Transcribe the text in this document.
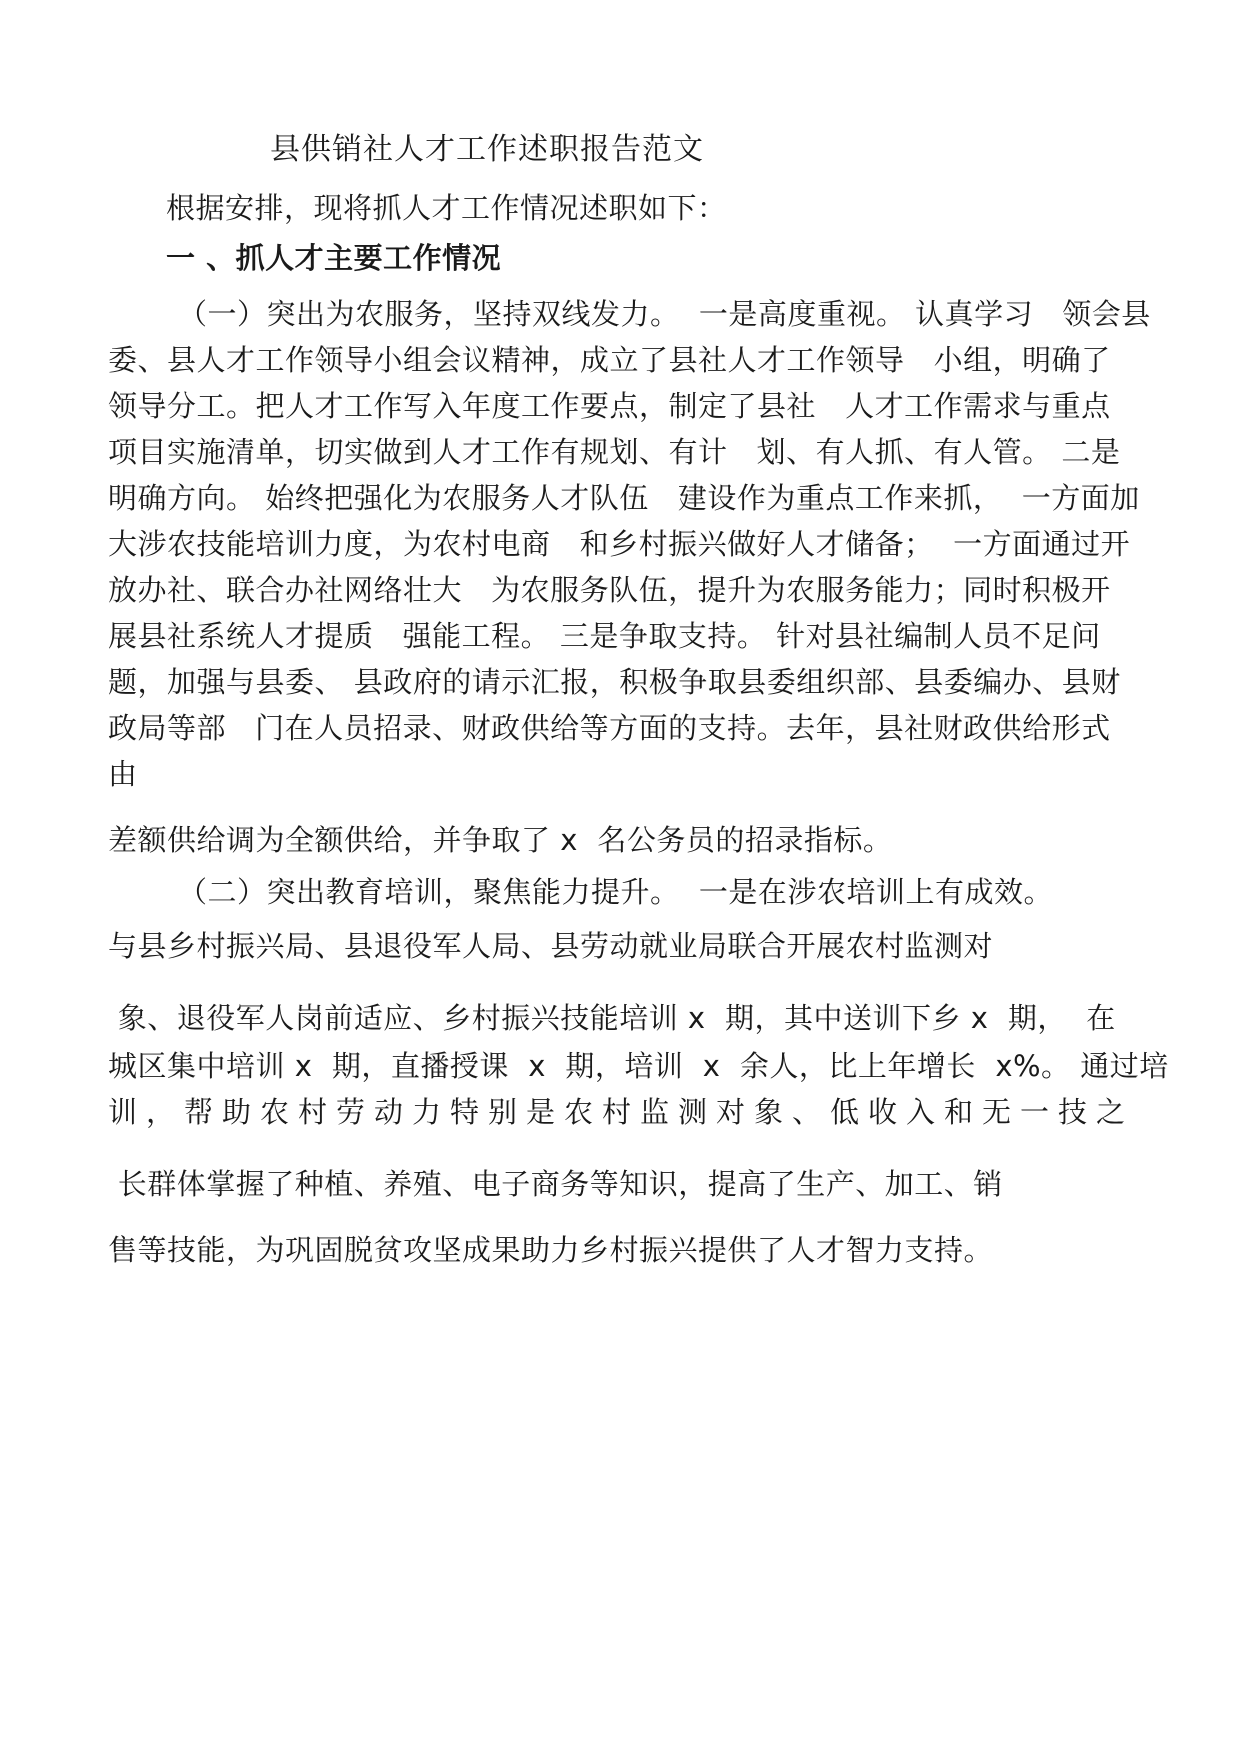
县供销社人才工作述职报告范文
根据安排，现将抓人才工作情况述职如下：
一 、抓人才主要工作情况
（一）突出为农服务，坚持双线发力。  一是高度重视。 认真学习   领会县
委、县人才工作领导小组会议精神，成立了县社人才工作领导   小组，明确了
领导分工。把人才工作写入年度工作要点，制定了县社   人才工作需求与重点
项目实施清单，切实做到人才工作有规划、有计   划、有人抓、有人管。 二是
明确方向。 始终把强化为农服务人才队伍   建设作为重点工作来抓，  一方面加
大涉农技能培训力度，为农村电商   和乡村振兴做好人才储备；  一方面通过开
放办社、联合办社网络壮大   为农服务队伍，提升为农服务能力；同时积极开
展县社系统人才提质   强能工程。 三是争取支持。 针对县社编制人员不足问
题，加强与县委、 县政府的请示汇报，积极争取县委组织部、县委编办、县财
政局等部   门在人员招录、财政供给等方面的支持。去年，县社财政供给形式
由
差额供给调为全额供给，并争取了 x  名公务员的招录指标。
（二）突出教育培训，聚焦能力提升。  一是在涉农培训上有成效。
与县乡村振兴局、县退役军人局、县劳动就业局联合开展农村监测对
象、退役军人岗前适应、乡村振兴技能培训 x  期，其中送训下乡 x  期，  在
城区集中培训 x  期，直播授课  x  期，培训  x  余人，比上年增长  x%。 通过培
训，帮助农村劳动力特别是农村监测对象、低收入和无一技之
长群体掌握了种植、养殖、电子商务等知识，提高了生产、加工、销
售等技能，为巩固脱贫攻坚成果助力乡村振兴提供了人才智力支持。
